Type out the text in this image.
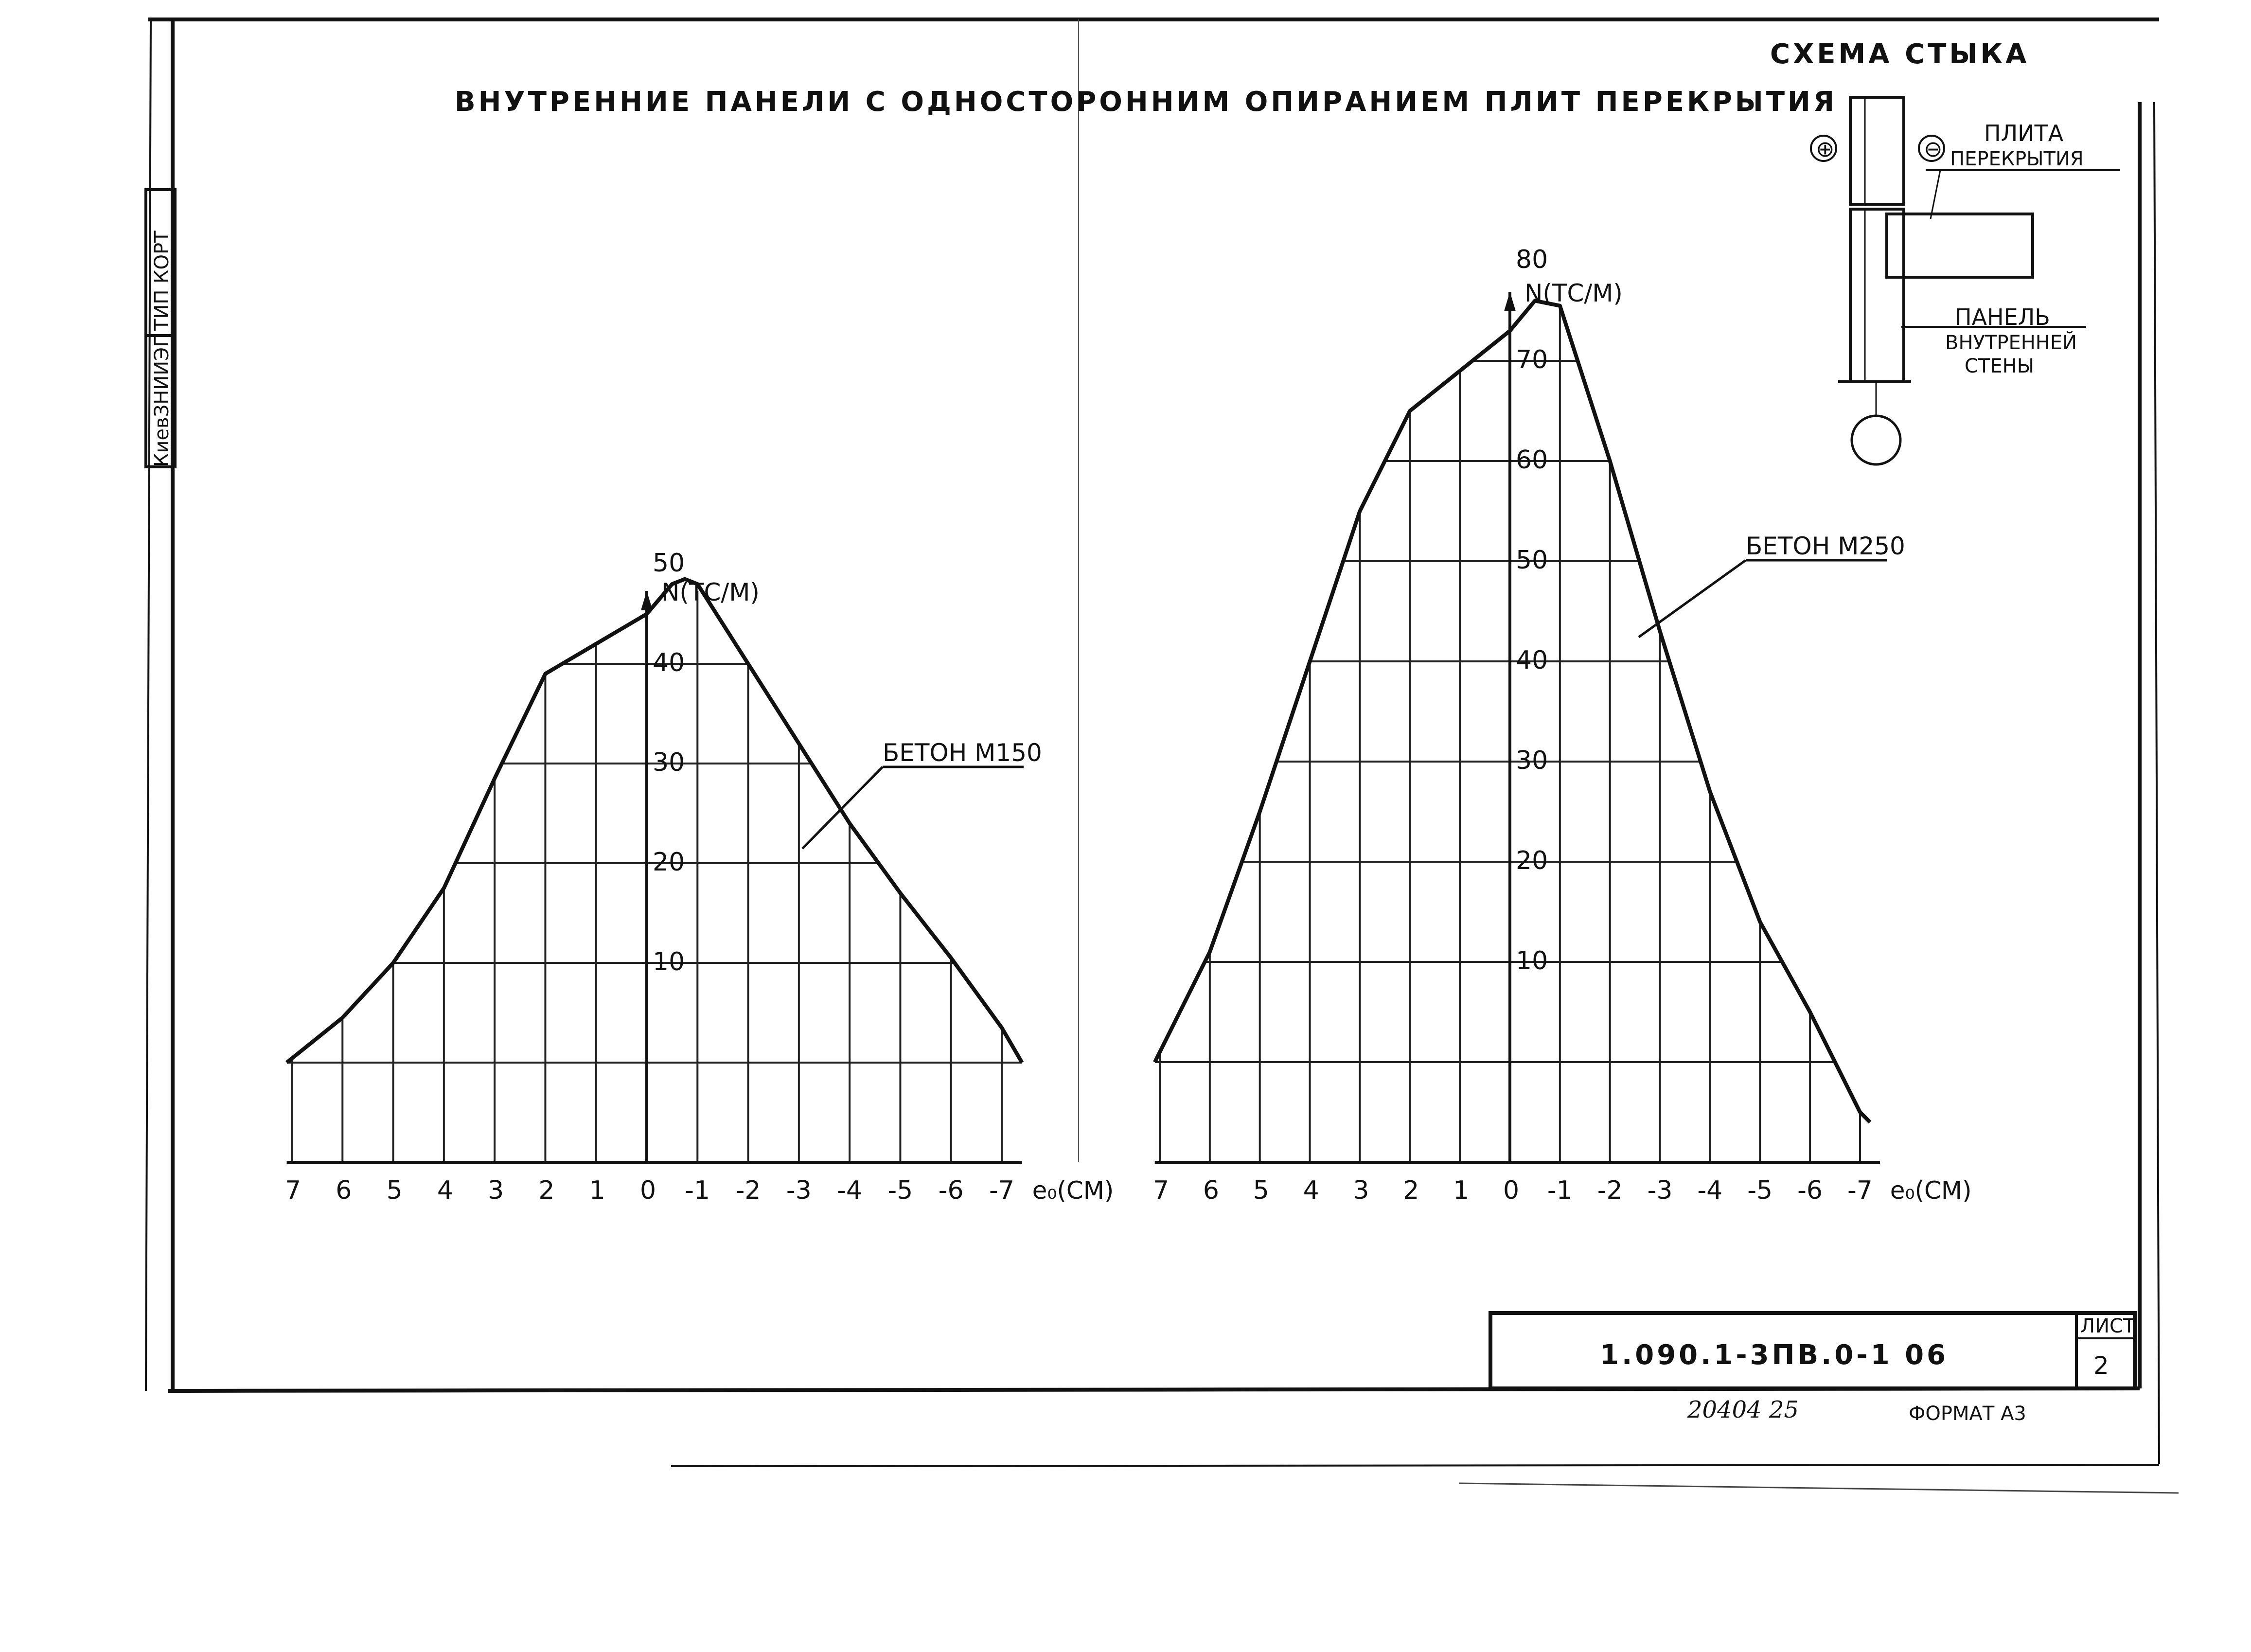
КиевЗНИИЭП
ТИП КОРТ
ВНУТРЕННИЕ ПАНЕЛИ С ОДНОСТОРОННИМ ОПИРАНИЕМ ПЛИТ ПЕРЕКРЫТИЯ
7 6 5 4 3 2 1 0 -1 -2 -3 -4 -5 -6 -7
10
20
30
40
50
N(ТС/М)
e₀(СМ)
БЕТОН М150
7 6 5 4 3 2 1 0 -1 -2 -3 -4 -5 -6 -7
10
20
30
40
50
60
70
80
N(ТС/М)
e₀(СМ)
БЕТОН М250
СХЕМА СТЫКА
⊕	⊖
ПЛИТА
ПЕРЕКРЫТИЯ
ПАНЕЛЬ
ВНУТРЕННЕЙ
СТЕНЫ
1.090.1-3ПВ.0-1 06
ЛИСТ
2
20404 25	ФОРМАТ А3
